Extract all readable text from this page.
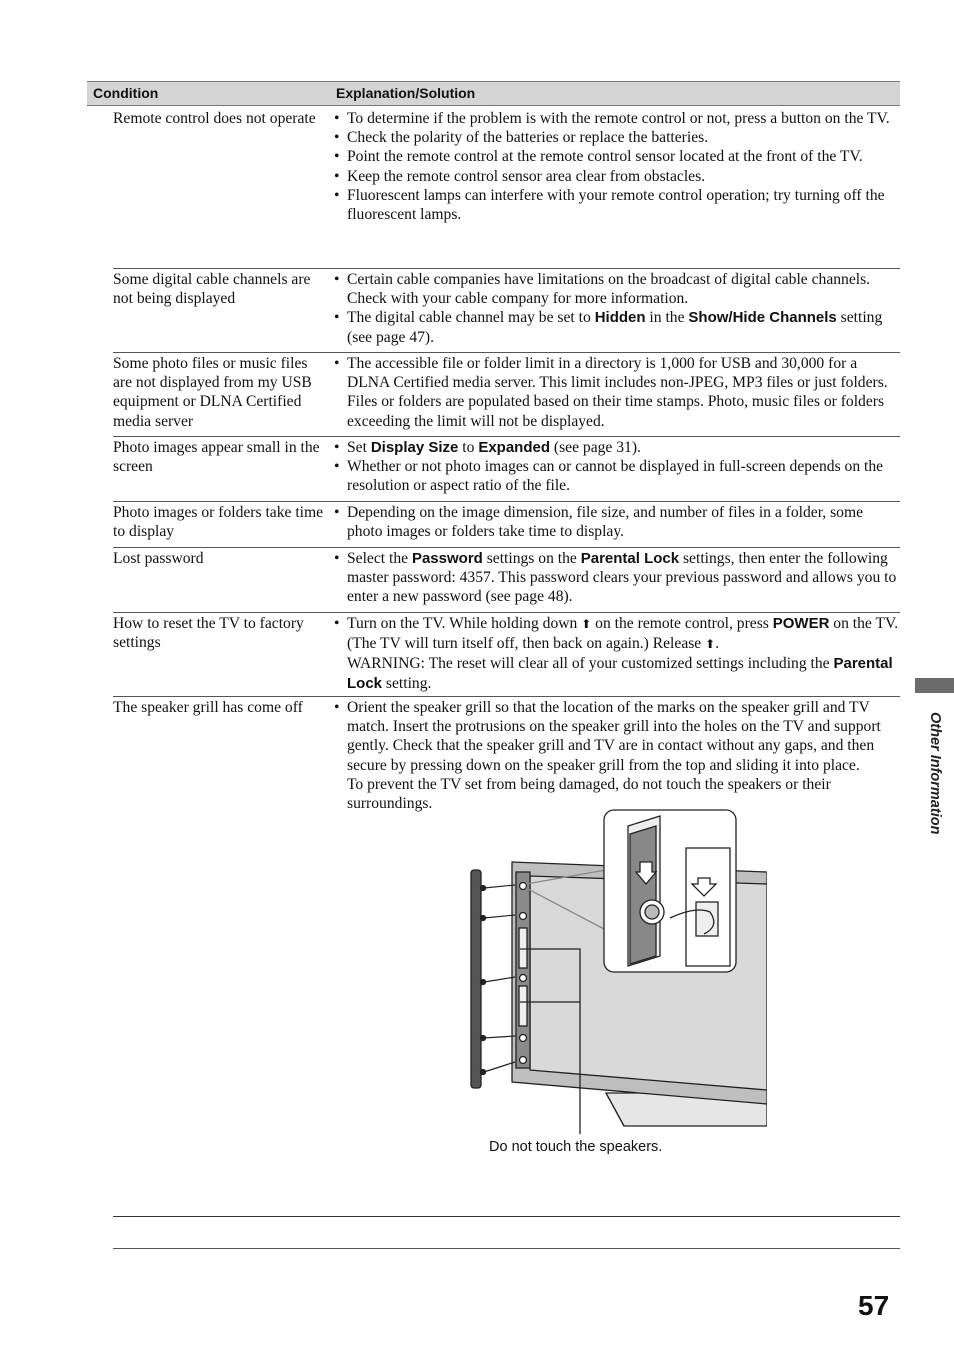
Condition	Explanation/Solution
Remote control does not operate	• To determine if the problem is with the remote control or not, press a button on the TV.
• Check the polarity of the batteries or replace the batteries.
• Point the remote control at the remote control sensor located at the front of the TV.
• Keep the remote control sensor area clear from obstacles.
• Fluorescent lamps can interfere with your remote control operation; try turning off the fluorescent lamps.
Some digital cable channels are not being displayed
• Certain cable companies have limitations on the broadcast of digital cable channels. Check with your cable company for more information.
• The digital cable channel may be set to Hidden in the Show/Hide Channels setting (see page 47).
Some photo files or music files are not displayed from my USB equipment or DLNA Certified media server
• The accessible file or folder limit in a directory is 1,000 for USB and 30,000 for a DLNA Certified media server. This limit includes non-JPEG, MP3 files or just folders. Files or folders are populated based on their time stamps. Photo, music files or folders exceeding the limit will not be displayed.
Photo images appear small in the screen
• Set Display Size to Expanded (see page 31).
• Whether or not photo images can or cannot be displayed in full-screen depends on the resolution or aspect ratio of the file.
Photo images or folders take time to display
• Depending on the image dimension, file size, and number of files in a folder, some photo images or folders take time to display.
Lost password	• Select the Password settings on the Parental Lock settings, then enter the following master password: 4357. This password clears your previous password and allows you to enter a new password (see page 48).
How to reset the TV to factory settings
• Turn on the TV. While holding down ⬆ on the remote control, press POWER on the TV. (The TV will turn itself off, then back on again.) Release ⬆.
WARNING: The reset will clear all of your customized settings including the Parental Lock setting.
The speaker grill has come off	• Orient the speaker grill so that the location of the marks on the speaker grill and TV match. Insert the protrusions on the speaker grill into the holes on the TV and support gently. Check that the speaker grill and TV are in contact without any gaps, and then secure by pressing down on the speaker grill from the top and sliding it into place.
To prevent the TV set from being damaged, do not touch the speakers or their surroundings.
Do not touch the speakers.
Other Information
57
